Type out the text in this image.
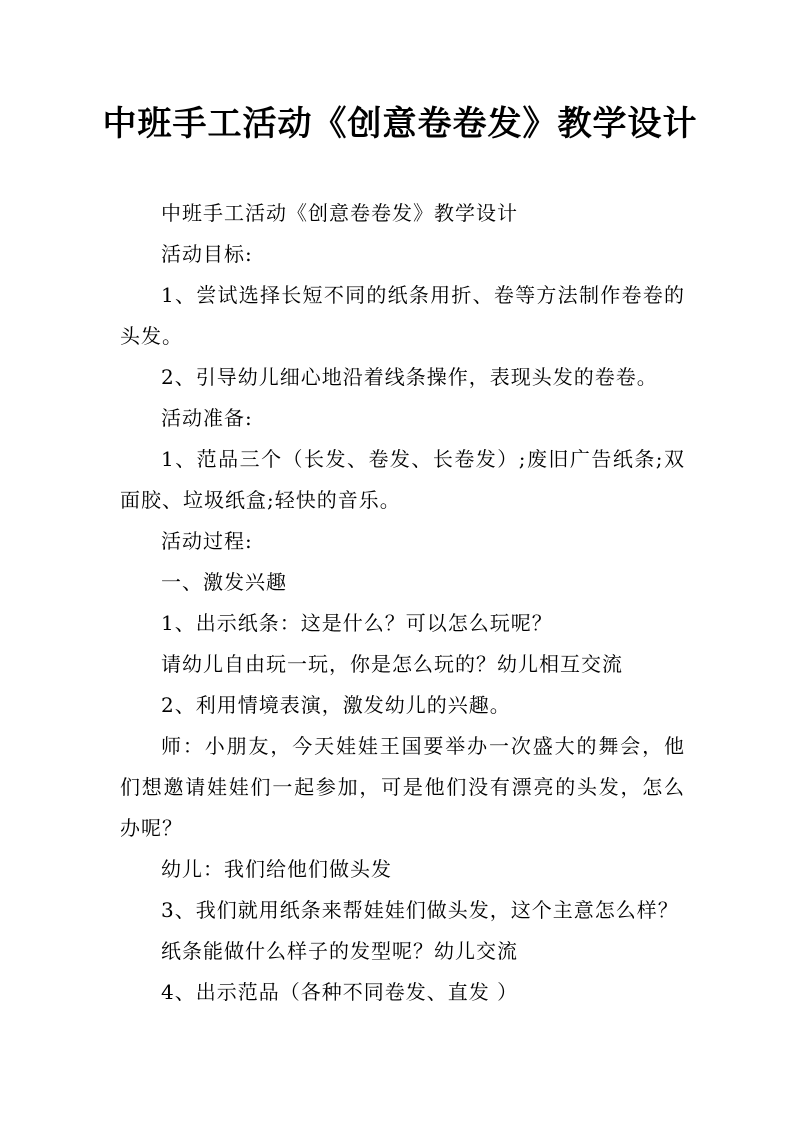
中班手工活动《创意卷卷发》教学设计

中班手工活动《创意卷卷发》教学设计

活动目标:

1、尝试选择长短不同的纸条用折、卷等方法制作卷卷的头发。

2、引导幼儿细心地沿着线条操作，表现头发的卷卷。

活动准备:

1、范品三个（长发、卷发、长卷发）;废旧广告纸条;双面胶、垃圾纸盒;轻快的音乐。

活动过程:

一、激发兴趣

1、出示纸条：这是什么？可以怎么玩呢？

请幼儿自由玩一玩，你是怎么玩的？幼儿相互交流

2、利用情境表演，激发幼儿的兴趣。

师：小朋友，今天娃娃王国要举办一次盛大的舞会，他们想邀请娃娃们一起参加，可是他们没有漂亮的头发，怎么办呢？

幼儿：我们给他们做头发

3、我们就用纸条来帮娃娃们做头发，这个主意怎么样？

纸条能做什么样子的发型呢？幼儿交流

4、出示范品（各种不同卷发、直发 ）
